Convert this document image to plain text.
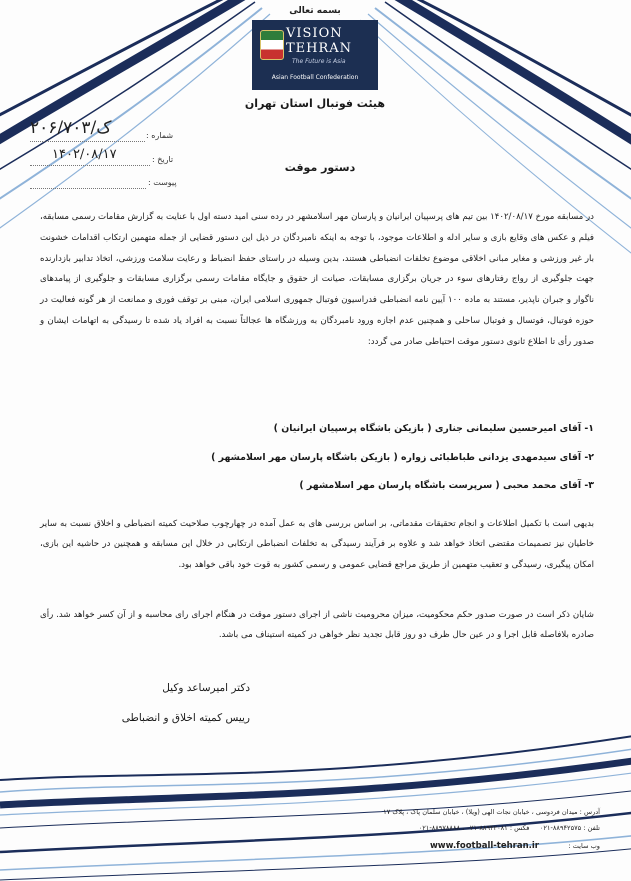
بسمه تعالی
VISION
TEHRAN
The Future is Asia
Asian Football Confederation
هیئت فوتبال استان تهران
شماره :
۲۰۶/ک/۷۰۳
تاریخ :
۱۴۰۲/۰۸/۱۷
پیوست :
دستور موقت

در مسابقه مورخ ۱۴۰۲/۰۸/۱۷ بین تیم های پرسپیان ایرانیان و پارسان مهر اسلامشهر در رده سنی امید دسته اول با عنایت به گزارش مقامات رسمی مسابقه، فیلم و عکس های وقایع بازی و سایر ادله و اطلاعات موجود، با توجه به اینکه نامبردگان در ذیل این دستور قضایی از جمله متهمین ارتکاب اقدامات خشونت بار غیر ورزشی و مغایر مبانی اخلاقی موضوع تخلفات انضباطی هستند، بدین وسیله در راستای حفظ انضباط و رعایت سلامت ورزشی، اتخاذ تدابیر بازدارنده جهت جلوگیری از رواج رفتارهای سوء در جریان برگزاری مسابقات، صیانت از حقوق و جایگاه مقامات رسمی برگزاری مسابقات و جلوگیری از پیامدهای ناگوار و جبران ناپذیر، مستند به ماده ۱۰۰ آیین نامه انضباطی فدراسیون فوتبال جمهوری اسلامی ایران، مبنی بر توقف فوری و ممانعت از هر گونه فعالیت در حوزه فوتبال، فوتسال و فوتبال ساحلی و همچنین عدم اجازه ورود نامبردگان به ورزشگاه ها عجالتاً نسبت به افراد یاد شده تا رسیدگی به اتهامات ایشان و صدور رأی تا اطلاع ثانوی دستور موقت احتیاطی صادر می گردد:

۱- آقای امیرحسین سلیمانی جناری ( بازیکن باشگاه پرسپیان ایرانیان )
۲- آقای سیدمهدی یزدانی طباطبائی زواره ( بازیکن باشگاه پارسان مهر اسلامشهر )
۳- آقای محمد محبی ( سرپرست باشگاه پارسان مهر اسلامشهر )

بدیهی است با تکمیل اطلاعات و انجام تحقیقات مقدماتی، بر اساس بررسی های به عمل آمده در چهارچوب صلاحیت کمیته انضباطی و اخلاق نسبت به سایر خاطیان نیز تصمیمات مقتضی اتخاذ خواهد شد و علاوه بر فرآیند رسیدگی به تخلفات انضباطی ارتکابی در خلال این مسابقه و همچنین در حاشیه این بازی، امکان پیگیری، رسیدگی و تعقیب متهمین از طریق مراجع قضایی عمومی و رسمی کشور به قوت خود باقی خواهد بود.

شایان ذکر است در صورت صدور حکم محکومیت، میزان محرومیت ناشی از اجرای دستور موقت در هنگام اجرای رای محاسبه و از آن کسر خواهد شد. رأی صادره بلافاصله قابل اجرا و در عین حال ظرف دو روز قابل تجدید نظر خواهی در کمیته استیناف می باشد.

دکتر امیرساعد وکیل
رییس کمیته اخلاق و انضباطی
آدرس : میدان فردوسی ، خیابان نجات الهی (ویلا) ، خیابان سلمان پاک ، پلاک ۱۷
تلفن : ۸۸۹۴۲۵۷۵-۰۲۱     فکس : ۸۸۹۴۲۰۸۱-۰۲۱ ، ۸۸۹۷۸۸۸۸-۰۲۱
وب سایت :              www.football-tehran.ir
